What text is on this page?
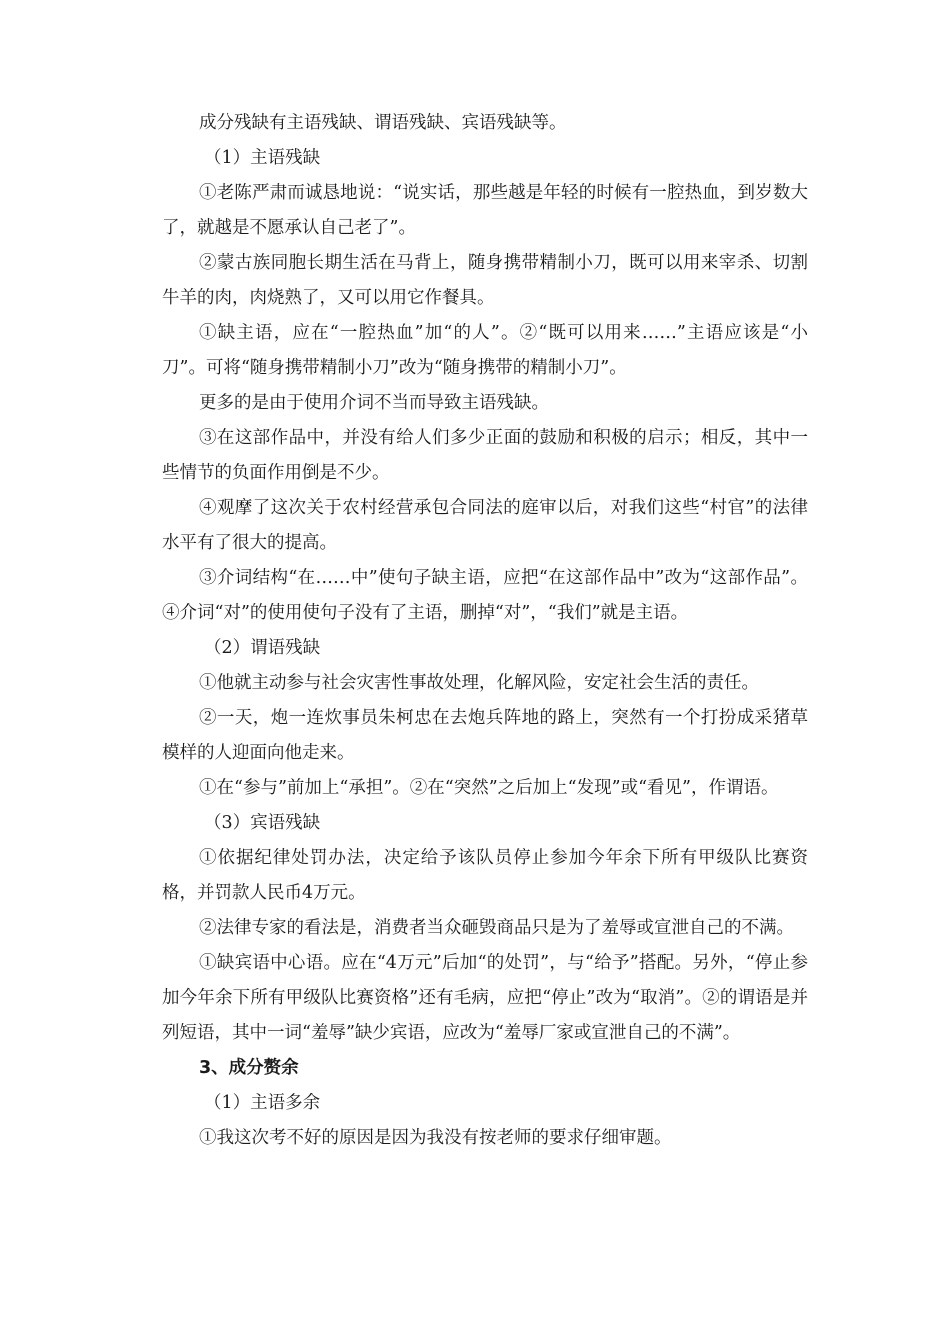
成分残缺有主语残缺、谓语残缺、宾语残缺等。

（1）主语残缺

①老陈严肃而诚恳地说：“说实话，那些越是年轻的时候有一腔热血，到岁数大了，就越是不愿承认自己老了”。

②蒙古族同胞长期生活在马背上，随身携带精制小刀，既可以用来宰杀、切割牛羊的肉，肉烧熟了，又可以用它作餐具。

①缺主语，应在“一腔热血”加“的人”。②“既可以用来……”主语应该是“小刀”。可将“随身携带精制小刀”改为“随身携带的精制小刀”。

更多的是由于使用介词不当而导致主语残缺。

③在这部作品中，并没有给人们多少正面的鼓励和积极的启示；相反，其中一些情节的负面作用倒是不少。

④观摩了这次关于农村经营承包合同法的庭审以后，对我们这些“村官”的法律水平有了很大的提高。

③介词结构“在……中”使句子缺主语，应把“在这部作品中”改为“这部作品”。④介词“对”的使用使句子没有了主语，删掉“对”，“我们”就是主语。

（2）谓语残缺

①他就主动参与社会灾害性事故处理，化解风险，安定社会生活的责任。

②一天，炮一连炊事员朱柯忠在去炮兵阵地的路上，突然有一个打扮成采猪草模样的人迎面向他走来。

①在“参与”前加上“承担”。②在“突然”之后加上“发现”或“看见”，作谓语。

（3）宾语残缺

①依据纪律处罚办法，决定给予该队员停止参加今年余下所有甲级队比赛资格，并罚款人民币4万元。

②法律专家的看法是，消费者当众砸毁商品只是为了羞辱或宣泄自己的不满。

①缺宾语中心语。应在“4万元”后加“的处罚”，与“给予”搭配。另外，“停止参加今年余下所有甲级队比赛资格”还有毛病，应把“停止”改为“取消”。②的谓语是并列短语，其中一词“羞辱”缺少宾语，应改为“羞辱厂家或宣泄自己的不满”。

3、成分赘余

（1）主语多余

①我这次考不好的原因是因为我没有按老师的要求仔细审题。
